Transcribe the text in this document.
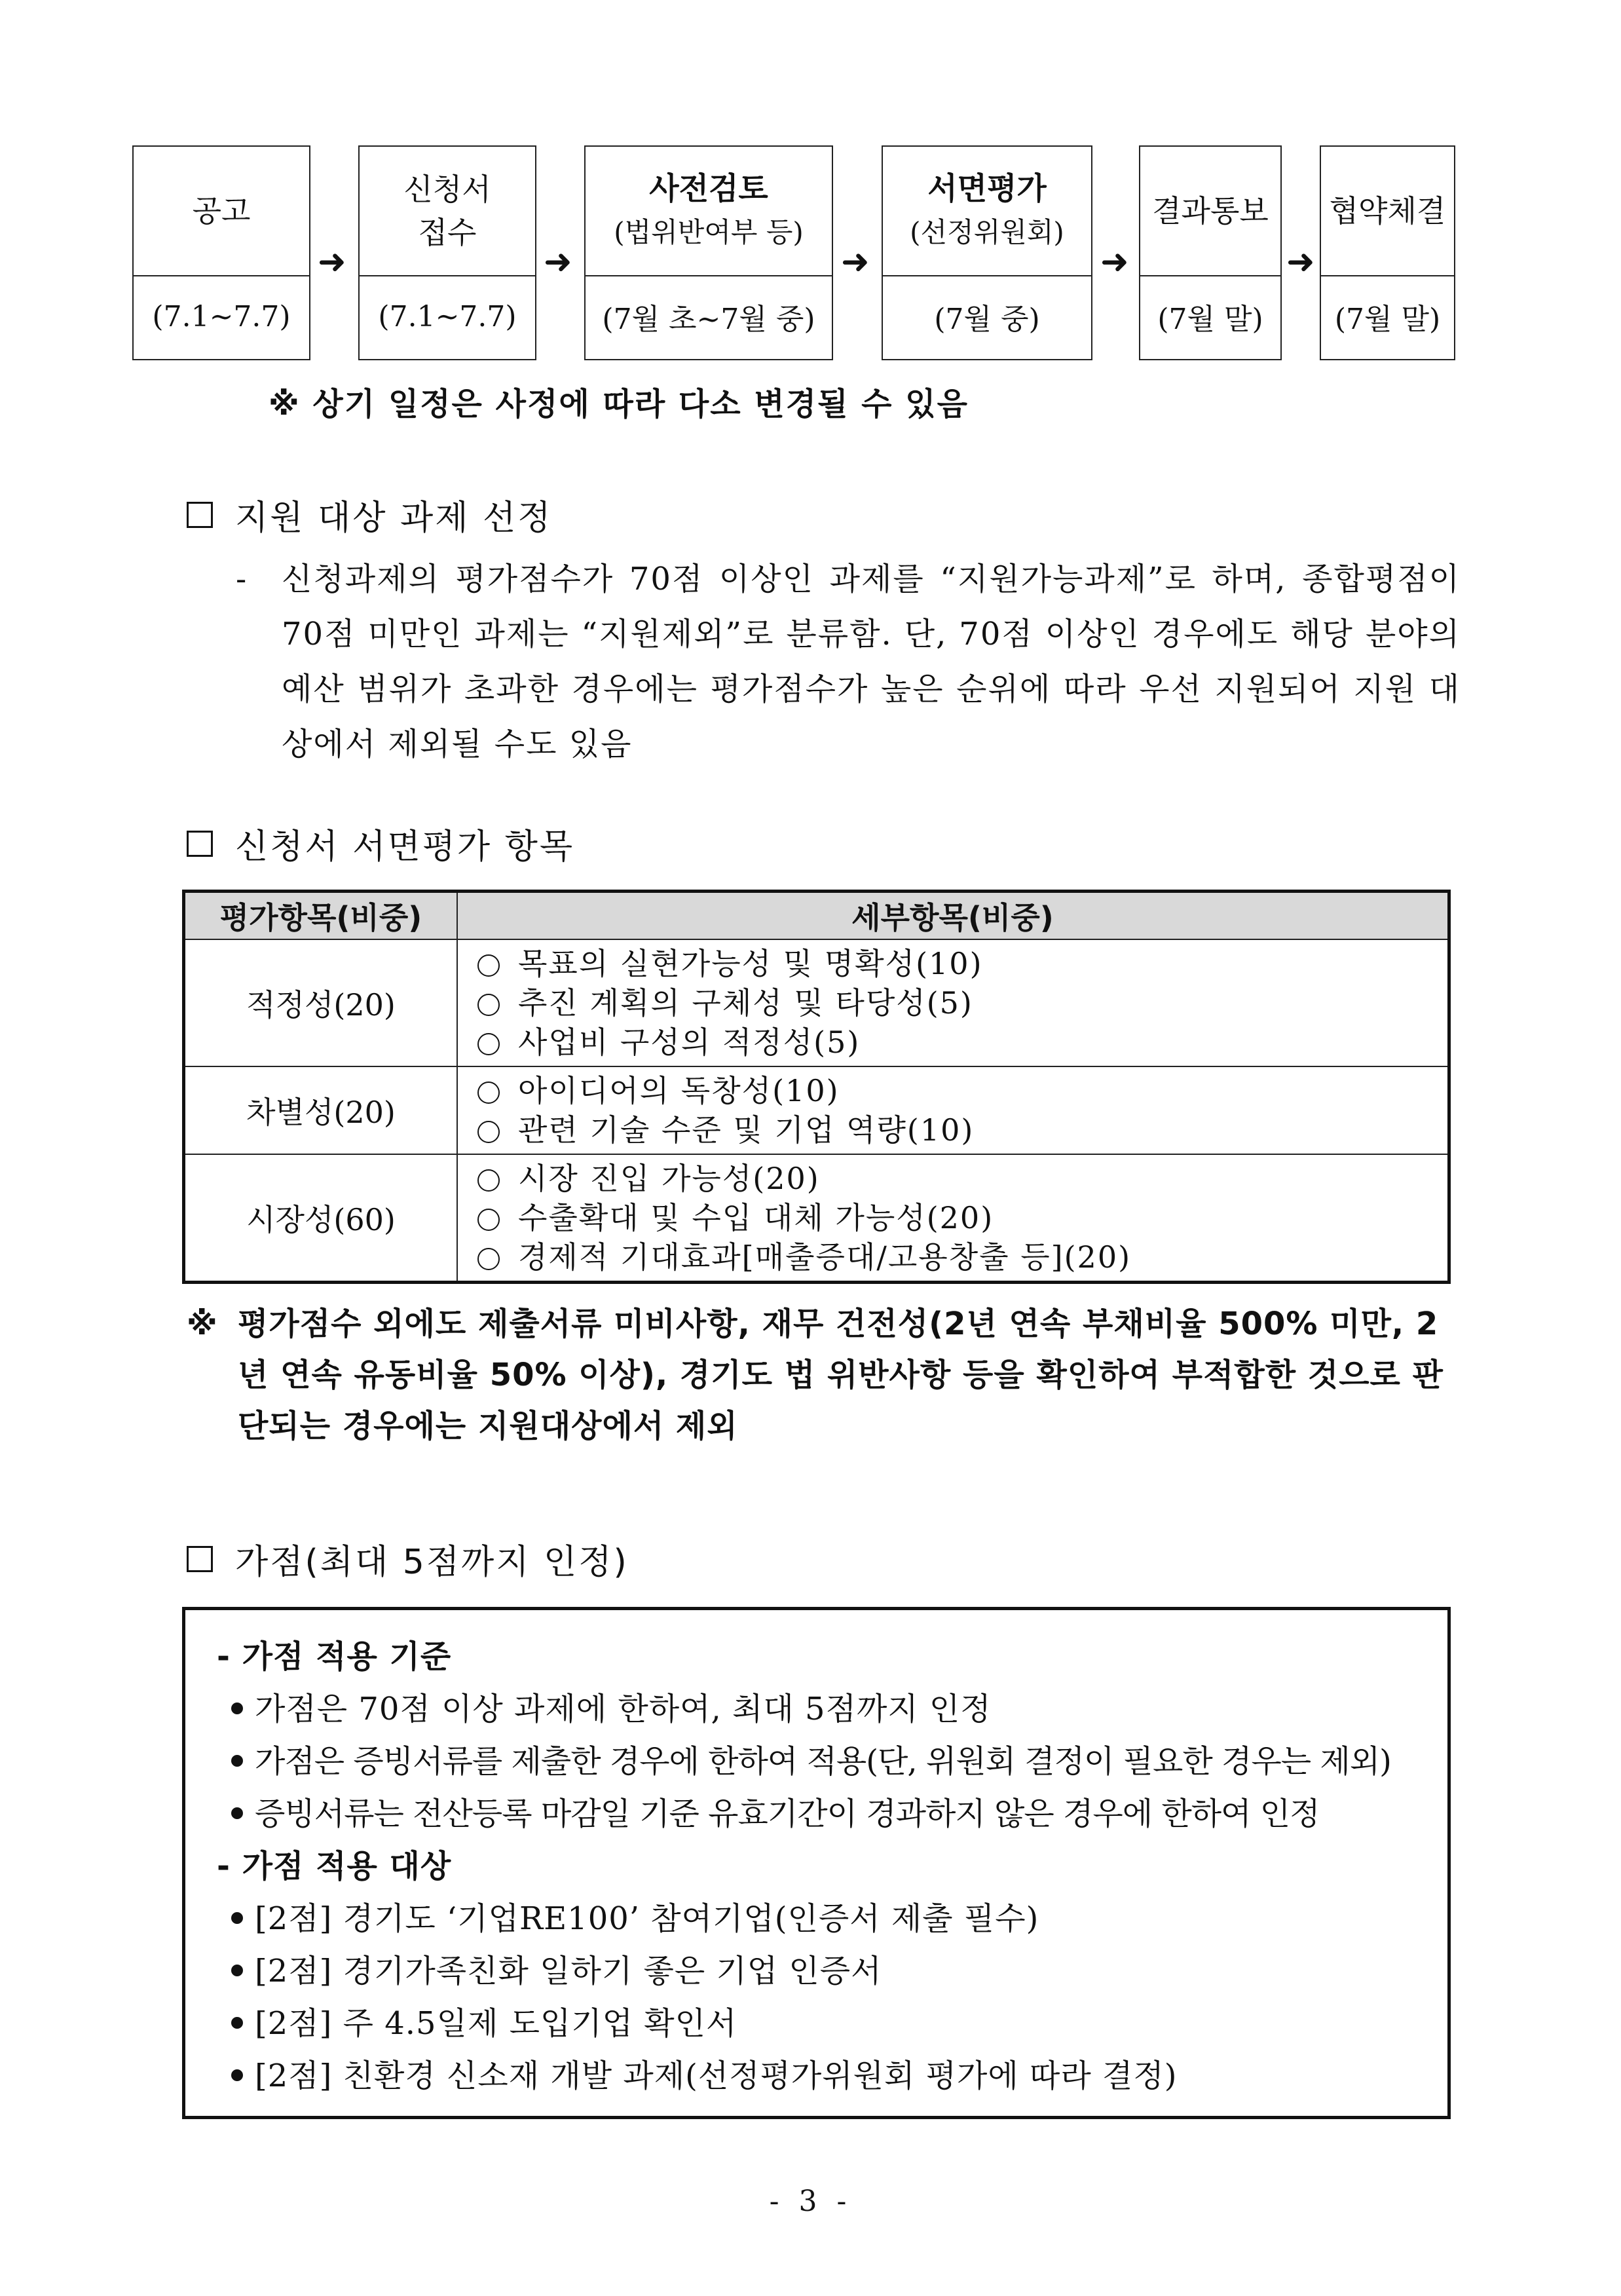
공고
(7.1~7.7)
➜
신청서
접수
(7.1~7.7)
➜
사전검토
(법위반여부 등)
(7월 초~7월 중)
➜
서면평가
(선정위원회)
(7월 중)
➜
결과통보
(7월 말)
➜
협약체결
(7월 말)
※ 상기 일정은 사정에 따라 다소 변경될 수 있음
지원 대상 과제 선정
-	신청과제의 평가점수가 70점 이상인 과제를 “지원가능과제”로 하며, 종합평점이 70점 미만인 과제는 “지원제외”로 분류함. 단, 70점 이상인 경우에도 해당 분야의 예산 범위가 초과한 경우에는 평가점수가 높은 순위에 따라 우선 지원되어 지원 대상에서 제외될 수도 있음
신청서 서면평가 항목
평가항목(비중)	세부항목(비중)
적정성(20)	목표의 실현가능성 및 명확성(10)
추진 계획의 구체성 및 타당성(5)
사업비 구성의 적정성(5)

차별성(20)	아이디어의 독창성(10)
관련 기술 수준 및 기업 역량(10)

시장성(60)	시장 진입 가능성(20)
수출확대 및 수입 대체 가능성(20)
경제적 기대효과[매출증대/고용창출 등](20)
※ 평가점수 외에도 제출서류 미비사항, 재무 건전성(2년 연속 부채비율 500% 미만, 2년 연속 유동비율 50% 이상), 경기도 법 위반사항 등을 확인하여 부적합한 것으로 판단되는 경우에는 지원대상에서 제외
가점(최대 5점까지 인정)
- 가점 적용 기준
가점은 70점 이상 과제에 한하여, 최대 5점까지 인정
가점은 증빙서류를 제출한 경우에 한하여 적용(단, 위원회 결정이 필요한 경우는 제외)
증빙서류는 전산등록 마감일 기준 유효기간이 경과하지 않은 경우에 한하여 인정
- 가점 적용 대상
[2점] 경기도 ‘기업RE100’ 참여기업(인증서 제출 필수)
[2점] 경기가족친화 일하기 좋은 기업 인증서
[2점] 주 4.5일제 도입기업 확인서
[2점] 친환경 신소재 개발 과제(선정평가위원회 평가에 따라 결정)
- 3 -
